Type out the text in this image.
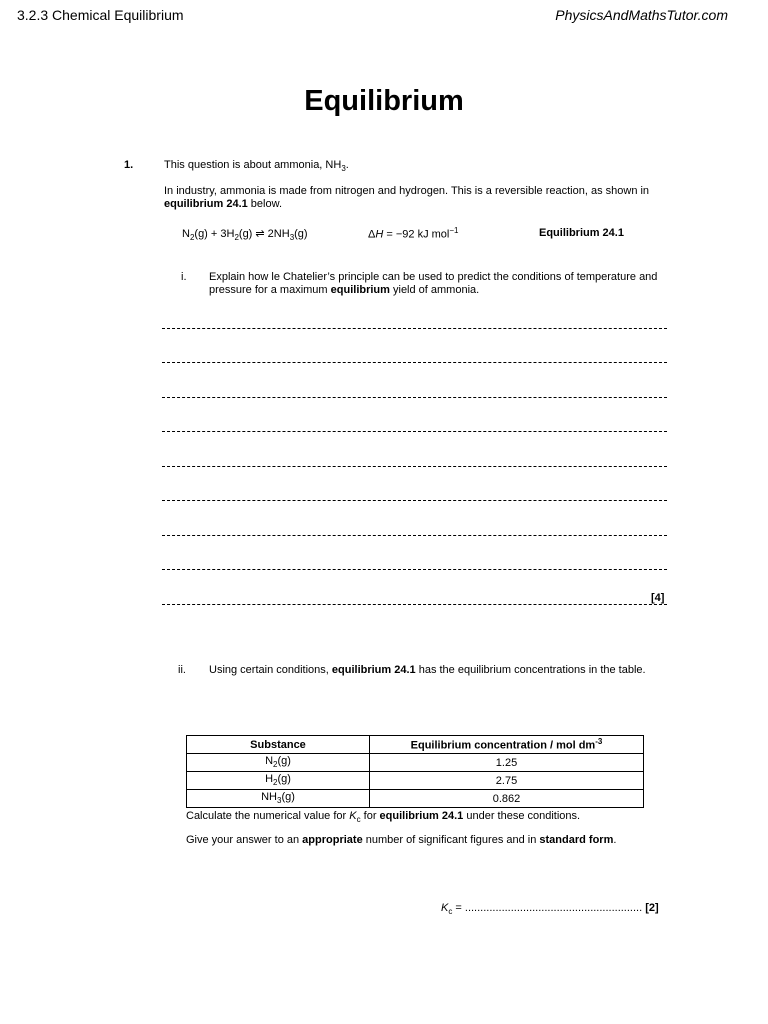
3.2.3 Chemical Equilibrium	PhysicsAndMathsTutor.com
Equilibrium
1.	This question is about ammonia, $NH_3$.
In industry, ammonia is made from nitrogen and hydrogen. This is a reversible reaction, as shown in equilibrium 24.1 below.
$N_2(g) + 3H_2(g)$ ⇌ $2NH_3(g)$	ΔH = −92 kJ mol$^{-1}$	Equilibrium 24.1
i. Explain how le Chatelier’s principle can be used to predict the conditions of temperature and pressure for a maximum equilibrium yield of ammonia.
[4]
ii. Using certain conditions, equilibrium 24.1 has the equilibrium concentrations in the table.
Substance	Equilibrium concentration / mol $dm^{-3}$
$N_2(g)$	1.25
$H_2(g)$	2.75
$NH_3(g)$	0.862
Calculate the numerical value for $K_c$ for equilibrium 24.1 under these conditions.
Give your answer to an appropriate number of significant figures and in standard form.
$K_c$ = .......................................................... [2]
